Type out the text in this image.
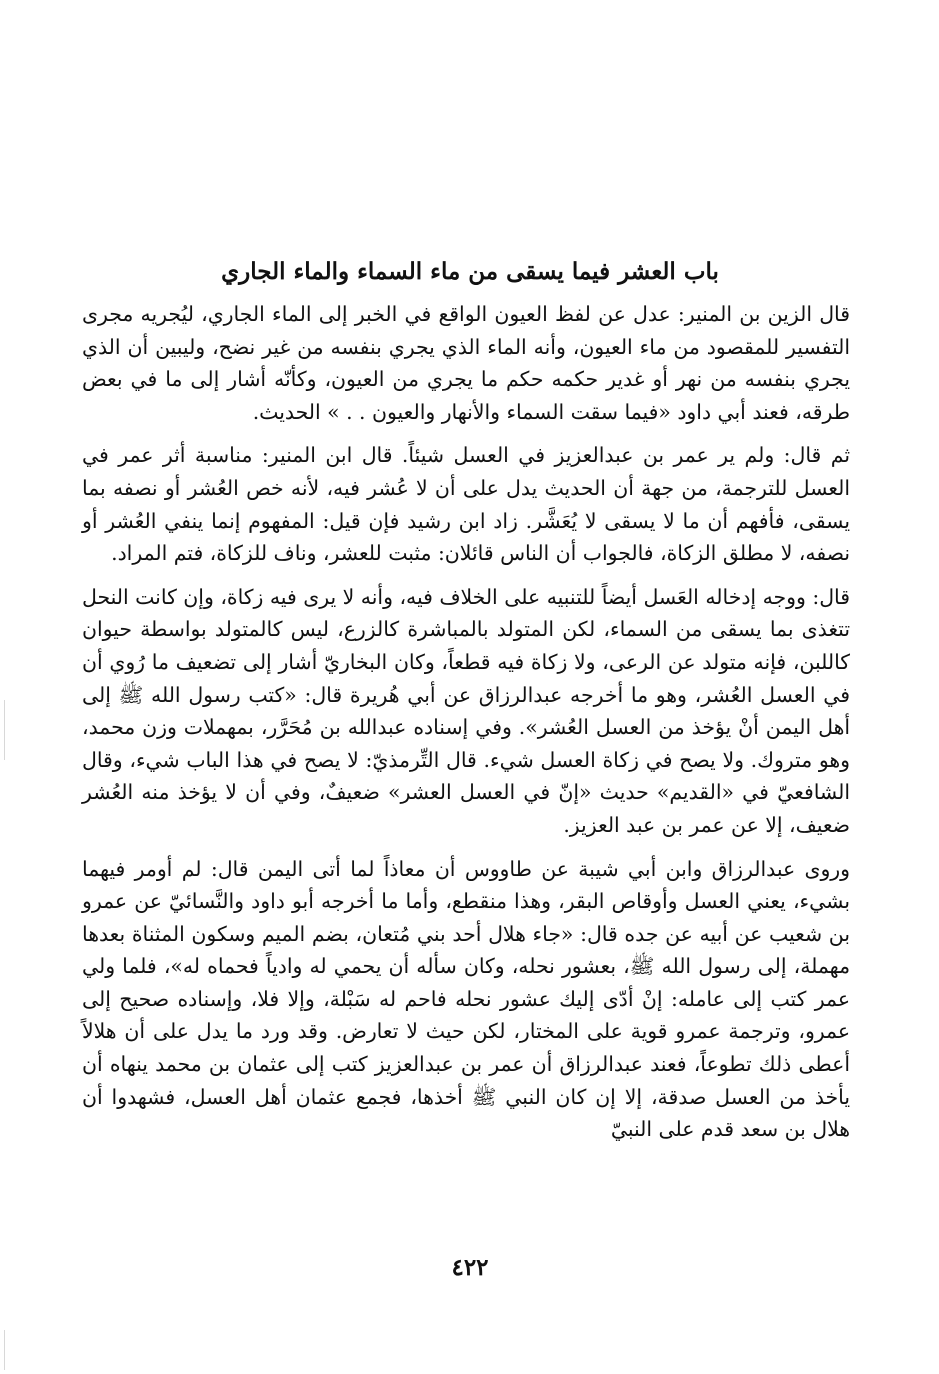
باب العشر فيما يسقى من ماء السماء والماء الجاري

قال الزين بن المنير: عدل عن لفظ العيون الواقع في الخبر إلى الماء الجاري، ليُجريه مجرى التفسير للمقصود من ماء العيون، وأنه الماء الذي يجري بنفسه من غير نضح، وليبين أن الذي يجري بنفسه من نهر أو غدير حكمه حكم ما يجري من العيون، وكأنّه أشار إلى ما في بعض طرقه، فعند أبي داود «فيما سقت السماء والأنهار والعيون . . » الحديث.

ثم قال: ولم ير عمر بن عبدالعزيز في العسل شيئاً. قال ابن المنير: مناسبة أثر عمر في العسل للترجمة، من جهة أن الحديث يدل على أن لا عُشر فيه، لأنه خص العُشر أو نصفه بما يسقى، فأفهم أن ما لا يسقى لا يُعَشَّر. زاد ابن رشيد فإن قيل: المفهوم إنما ينفي العُشر أو نصفه، لا مطلق الزكاة، فالجواب أن الناس قائلان: مثبت للعشر، وناف للزكاة، فتم المراد.

قال: ووجه إدخاله العَسل أيضاً للتنبيه على الخلاف فيه، وأنه لا يرى فيه زكاة، وإن كانت النحل تتغذى بما يسقى من السماء، لكن المتولد بالمباشرة كالزرع، ليس كالمتولد بواسطة حيوان كاللبن، فإنه متولد عن الرعى، ولا زكاة فيه قطعاً، وكان البخاريّ أشار إلى تضعيف ما رُوي أن في العسل العُشر، وهو ما أخرجه عبدالرزاق عن أبي هُريرة قال: «كتب رسول الله ﷺ إلى أهل اليمن أنْ يؤخذ من العسل العُشر». وفي إسناده عبدالله بن مُحَرَّر، بمهملات وزن محمد، وهو متروك. ولا يصح في زكاة العسل شيء. قال التِّرمذيّ: لا يصح في هذا الباب شيء، وقال الشافعيّ في «القديم» حديث «إنّ في العسل العشر» ضعيفٌ، وفي أن لا يؤخذ منه العُشر ضعيف، إلا عن عمر بن عبد العزيز.

وروى عبدالرزاق وابن أبي شيبة عن طاووس أن معاذاً لما أتى اليمن قال: لم أومر فيهما بشيء، يعني العسل وأوقاص البقر، وهذا منقطع، وأما ما أخرجه أبو داود والنَّسائيّ عن عمرو بن شعيب عن أبيه عن جده قال: «جاء هلال أحد بني مُتعان، بضم الميم وسكون المثناة بعدها مهملة، إلى رسول الله ﷺ، بعشور نحله، وكان سأله أن يحمي له وادياً فحماه له»، فلما ولي عمر كتب إلى عامله: إنْ أدّى إليك عشور نحله فاحم له سَبْلة، وإلا فلا، وإسناده صحيح إلى عمرو، وترجمة عمرو قوية على المختار، لكن حيث لا تعارض. وقد ورد ما يدل على أن هلالاً أعطى ذلك تطوعاً، فعند عبدالرزاق أن عمر بن عبدالعزيز كتب إلى عثمان بن محمد ينهاه أن يأخذ من العسل صدقة، إلا إن كان النبي ﷺ أخذها، فجمع عثمان أهل العسل، فشهدوا أن هلال بن سعد قدم على النبيّ

٤٢٢
